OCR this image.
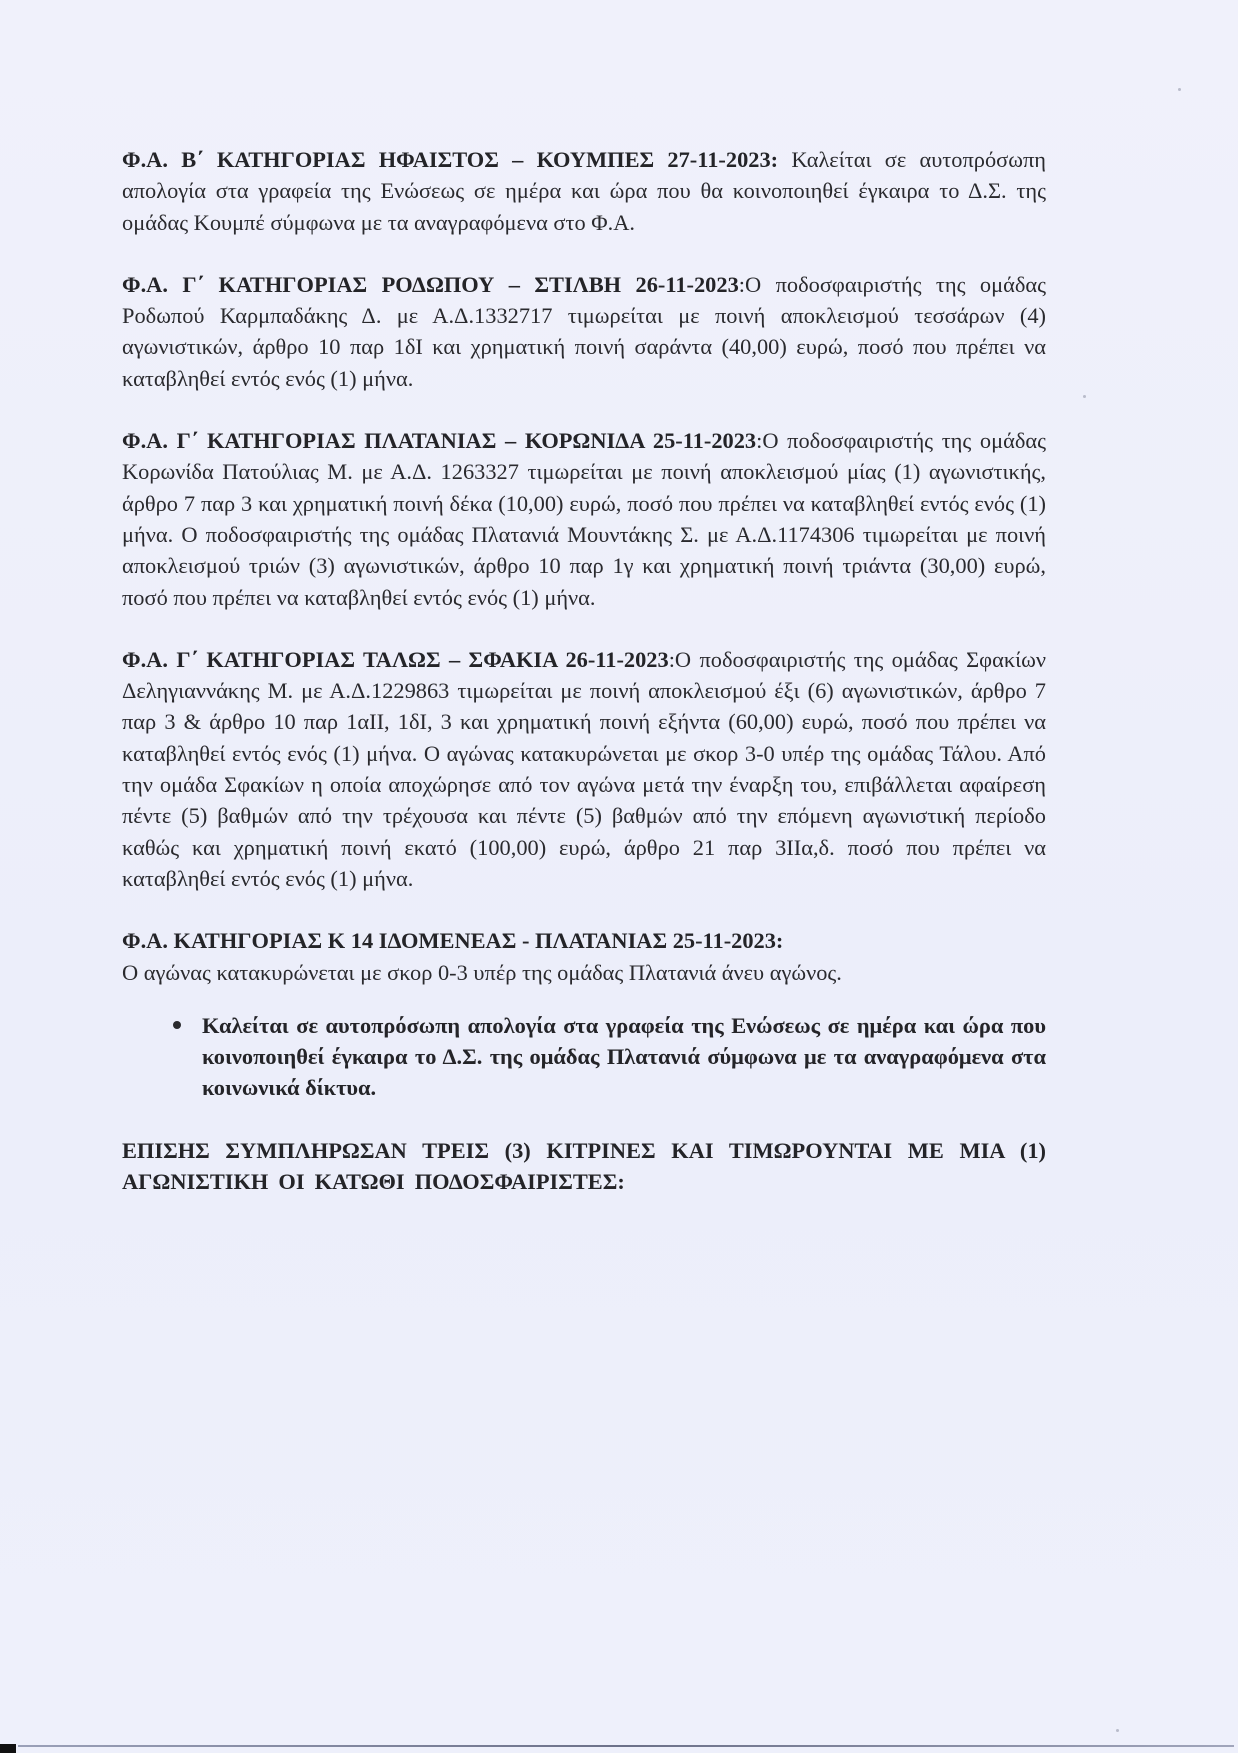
Φ.Α. Β΄ ΚΑΤΗΓΟΡΙΑΣ ΗΦΑΙΣΤΟΣ – ΚΟΥΜΠΕΣ 27-11-2023: Καλείται σε αυτοπρόσωπη απολογία στα γραφεία της Ενώσεως σε ημέρα και ώρα που θα κοινοποιηθεί έγκαιρα το Δ.Σ. της ομάδας Κουμπέ σύμφωνα με τα αναγραφόμενα στο Φ.Α.

Φ.Α. Γ΄ ΚΑΤΗΓΟΡΙΑΣ ΡΟΔΩΠΟΥ – ΣΤΙΛΒΗ 26-11-2023:Ο ποδοσφαιριστής της ομάδας Ροδωπού Καρμπαδάκης Δ. με Α.Δ.1332717 τιμωρείται με ποινή αποκλεισμού τεσσάρων (4) αγωνιστικών, άρθρο 10 παρ 1δΙ και χρηματική ποινή σαράντα (40,00) ευρώ, ποσό που πρέπει να καταβληθεί εντός ενός (1) μήνα.

Φ.Α. Γ΄ ΚΑΤΗΓΟΡΙΑΣ ΠΛΑΤΑΝΙΑΣ – ΚΟΡΩΝΙΔΑ 25-11-2023:Ο ποδοσφαιριστής της ομάδας Κορωνίδα Πατούλιας Μ. με Α.Δ. 1263327 τιμωρείται με ποινή αποκλεισμού μίας (1) αγωνιστικής, άρθρο 7 παρ 3 και χρηματική ποινή δέκα (10,00) ευρώ, ποσό που πρέπει να καταβληθεί εντός ενός (1) μήνα. Ο ποδοσφαιριστής της ομάδας Πλατανιά Μουντάκης Σ. με Α.Δ.1174306 τιμωρείται με ποινή αποκλεισμού τριών (3) αγωνιστικών, άρθρο 10 παρ 1γ και χρηματική ποινή τριάντα (30,00) ευρώ, ποσό που πρέπει να καταβληθεί εντός ενός (1) μήνα.

Φ.Α. Γ΄ ΚΑΤΗΓΟΡΙΑΣ ΤΑΛΩΣ – ΣΦΑΚΙΑ 26-11-2023:Ο ποδοσφαιριστής της ομάδας Σφακίων Δεληγιαννάκης Μ. με Α.Δ.1229863 τιμωρείται με ποινή αποκλεισμού έξι (6) αγωνιστικών, άρθρο 7 παρ 3 & άρθρο 10 παρ 1αΙΙ, 1δΙ, 3 και χρηματική ποινή εξήντα (60,00) ευρώ, ποσό που πρέπει να καταβληθεί εντός ενός (1) μήνα. Ο αγώνας κατακυρώνεται με σκορ 3-0 υπέρ της ομάδας Τάλου. Από την ομάδα Σφακίων η οποία αποχώρησε από τον αγώνα μετά την έναρξη του, επιβάλλεται αφαίρεση πέντε (5) βαθμών από την τρέχουσα και πέντε (5) βαθμών από την επόμενη αγωνιστική περίοδο καθώς και χρηματική ποινή εκατό (100,00) ευρώ, άρθρο 21 παρ 3ΙΙα,δ. ποσό που πρέπει να καταβληθεί εντός ενός (1) μήνα.

Φ.Α. ΚΑΤΗΓΟΡΙΑΣ Κ 14 ΙΔΟΜΕΝΕΑΣ - ΠΛΑΤΑΝΙΑΣ 25-11-2023:
Ο αγώνας κατακυρώνεται με σκορ 0-3 υπέρ της ομάδας Πλατανιά άνευ αγώνος.

Καλείται σε αυτοπρόσωπη απολογία στα γραφεία της Ενώσεως σε ημέρα και ώρα που κοινοποιηθεί έγκαιρα το Δ.Σ. της ομάδας Πλατανιά σύμφωνα με τα αναγραφόμενα στα κοινωνικά δίκτυα.

ΕΠΙΣΗΣ ΣΥΜΠΛΗΡΩΣΑΝ ΤΡΕΙΣ (3) ΚΙΤΡΙΝΕΣ ΚΑΙ ΤΙΜΩΡΟΥΝΤΑΙ ΜΕ ΜΙΑ (1) ΑΓΩΝΙΣΤΙΚΗ ΟΙ ΚΑΤΩΘΙ ΠΟΔΟΣΦΑΙΡΙΣΤΕΣ:
